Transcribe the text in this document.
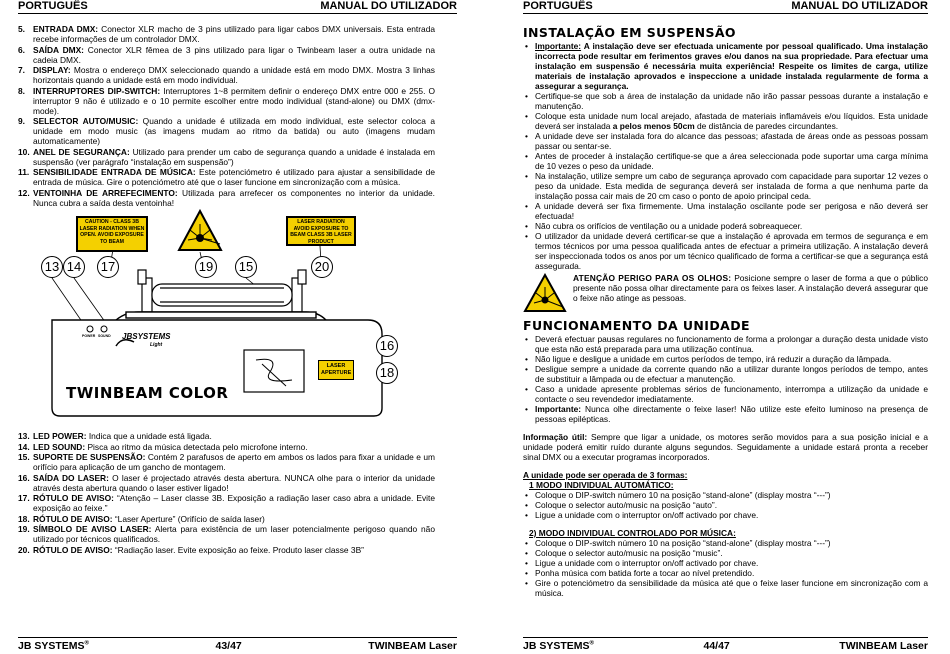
PORTUGUÊS	MANUAL DO UTILIZADOR
5. ENTRADA DMX: Conector XLR macho de 3 pins utilizado para ligar cabos DMX universais. Esta entrada recebe informações de um controlador DMX.
6. SAÍDA DMX: Conector XLR fêmea de 3 pins utilizado para ligar o Twinbeam laser a outra unidade na cadeia DMX.
7. DISPLAY: Mostra o endereço DMX seleccionado quando a unidade está em modo DMX. Mostra 3 linhas horizontais quando a unidade está em modo individual.
8. INTERRUPTORES DIP-SWITCH: Interruptores 1~8 permitem definir o endereço DMX entre 000 e 255. O interruptor 9 não é utilizado e o 10 permite escolher entre modo individual (stand-alone) ou DMX (dmx-mode).
9. SELECTOR AUTO/MUSIC: Quando a unidade é utilizada em modo individual, este selector coloca a unidade em modo music (as imagens mudam ao ritmo da batida) ou auto (imagens mudam automaticamente)
10. ANEL DE SEGURANÇA: Utilizado para prender um cabo de segurança quando a unidade é instalada em suspensão (ver parágrafo “instalação em suspensão”)
11. SENSIBILIDADE ENTRADA DE MÚSICA: Este potenciómetro é utilizado para ajustar a sensibilidade de entrada de música. Gire o potenciómetro até que o laser funcione em sincronização com a música.
12. VENTOINHA DE ARREFECIMENTO: Utilizada para arrefecer os componentes no interior da unidade. Nunca cubra a saída desta ventoinha!
CAUTION - CLASS 3B LASER RADIATION WHEN OPEN. AVOID EXPOSURE TO BEAM
LASER RADIATION AVOID EXPOSURE TO BEAM CLASS 3B LASER PRODUCT
LASER APERTURE
POWER SOUND JBSYSTEMS
Light
TWINBEAM COLOR
13 14 17	19 15	20
16
18
13. LED POWER: Indica que a unidade está ligada.
14. LED SOUND: Pisca ao ritmo da música detectada pelo microfone interno.
15. SUPORTE DE SUSPENSÃO: Contém 2 parafusos de aperto em ambos os lados para fixar a unidade e um orifício para aplicação de um gancho de montagem.
16. SAÍDA DO LASER: O laser é projectado através desta abertura. NUNCA olhe para o interior da unidade através desta abertura quando o laser estiver ligado!
17. RÓTULO DE AVISO: “Atenção – Laser classe 3B. Exposição a radiação laser caso abra a unidade. Evite exposição ao feixe.”
18. RÓTULO DE AVISO: “Laser Aperture” (Orifício de saída laser)
19. SÍMBOLO DE AVISO LASER: Alerta para existência de um laser potencialmente perigoso quando não utilizado por técnicos qualificados.
20. RÓTULO DE AVISO: “Radiação laser. Evite exposição ao feixe. Produto laser classe 3B”
JB SYSTEMS®	43/47	TWINBEAM Laser
PORTUGUÊS	MANUAL DO UTILIZADOR
INSTALAÇÃO EM SUSPENSÃO
• Importante: A instalação deve ser efectuada unicamente por pessoal qualificado. Uma instalação incorrecta pode resultar em ferimentos graves e/ou danos na sua propriedade. Para efectuar uma instalação em suspensão é necessária muita experiência! Respeite os limites de carga, utilize materiais de instalação aprovados e inspeccione a unidade instalada regularmente de forma a assegurar a segurança.
• Certifique-se que sob a área de instalação da unidade não irão passar pessoas durante a instalação e manutenção.
• Coloque esta unidade num local arejado, afastada de materiais inflamáveis e/ou líquidos. Esta unidade deverá ser instalada a pelos menos 50cm de distância de paredes circundantes.
• A unidade deve ser instalada fora do alcance das pessoas; afastada de áreas onde as pessoas possam passar ou sentar-se.
• Antes de proceder à instalação certifique-se que a área seleccionada pode suportar uma carga mínima de 10 vezes o peso da unidade.
• Na instalação, utilize sempre um cabo de segurança aprovado com capacidade para suportar 12 vezes o peso da unidade. Esta medida de segurança deverá ser instalada de forma a que nenhuma parte da instalação possa cair mais de 20 cm caso o ponto de apoio principal ceda.
• A unidade deverá ser fixa firmemente. Uma instalação oscilante pode ser perigosa e não deverá ser efectuada!
• Não cubra os orifícios de ventilação ou a unidade poderá sobreaquecer.
• O utilizador da unidade deverá certificar-se que a instalação é aprovada em termos de segurança e em termos técnicos por uma pessoa qualificada antes de efectuar a primeira utilização. A instalação deverá ser inspeccionada todos os anos por um técnico qualificado de forma a certificar-se que a segurança está assegurada.
ATENÇÃO PERIGO PARA OS OLHOS: Posicione sempre o laser de forma a que o público presente não possa olhar directamente para os feixes laser. A instalação deverá assegurar que o feixe não atinge as pessoas.
FUNCIONAMENTO DA UNIDADE
• Deverá efectuar pausas regulares no funcionamento de forma a prolongar a duração desta unidade visto que esta não está preparada para uma utilização contínua.
• Não ligue e desligue a unidade em curtos períodos de tempo, irá reduzir a duração da lâmpada.
• Desligue sempre a unidade da corrente quando não a utilizar durante longos períodos de tempo, antes de substituir a lâmpada ou de efectuar a manutenção.
• Caso a unidade apresente problemas sérios de funcionamento, interrompa a utilização da unidade e contacte o seu revendedor imediatamente.
• Importante: Nunca olhe directamente o feixe laser! Não utilize este efeito luminoso na presença de pessoas epilépticas.

Informação útil: Sempre que ligar a unidade, os motores serão movidos para a sua posição inicial e a unidade poderá emitir ruído durante alguns segundos. Seguidamente a unidade estará pronta a receber sinal DMX ou a executar programas incorporados.

A unidade pode ser operada de 3 formas:

1 MODO INDIVIDUAL AUTOMÁTICO:

• Coloque o DIP-switch número 10 na posição “stand-alone” (display mostra “---”)
• Coloque o selector auto/music na posição “auto”.
• Ligue a unidade com o interruptor on/off activado por chave.

2) MODO INDIVIDUAL CONTROLADO POR MÚSICA:

• Coloque o DIP-switch número 10 na posição “stand-alone” (display mostra “---”)
• Coloque o selector auto/music na posição “music”.
• Ligue a unidade com o interruptor on/off activado por chave.
• Ponha música com batida forte a tocar ao nível pretendido.
• Gire o potenciómetro da sensibilidade da música até que o feixe laser funcione em sincronização com a música.
JB SYSTEMS®	44/47	TWINBEAM Laser
